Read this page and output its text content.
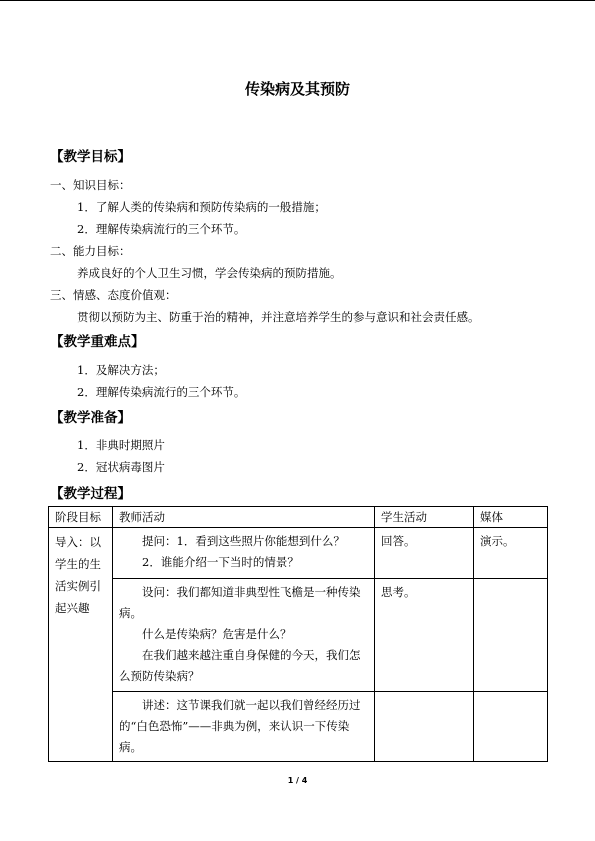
传染病及其预防
【教学目标】
一、知识目标：
1．了解人类的传染病和预防传染病的一般措施；
2．理解传染病流行的三个环节。
二、能力目标：
养成良好的个人卫生习惯，学会传染病的预防措施。
三、情感、态度价值观：
贯彻以预防为主、防重于治的精神，并注意培养学生的参与意识和社会责任感。
【教学重难点】
1．及解决方法；
2．理解传染病流行的三个环节。
【教学准备】
1．非典时期照片
2．冠状病毒图片
【教学过程】
阶段目标	教师活动	学生活动	媒体
导入：以学生的生活实例引起兴趣	提问：1．看到这些照片你能想到什么？
2．谁能介绍一下当时的情景？	回答。	演示。

	设问：我们都知道非典型性飞檐是一种传染病。
什么是传染病？危害是什么？
在我们越来越注重自身保健的今天，我们怎么预防传染病？	思考。	

	讲述：这节课我们就一起以我们曾经经历过的“白色恐怖”——非典为例，来认识一下传染病。		

1 / 4
